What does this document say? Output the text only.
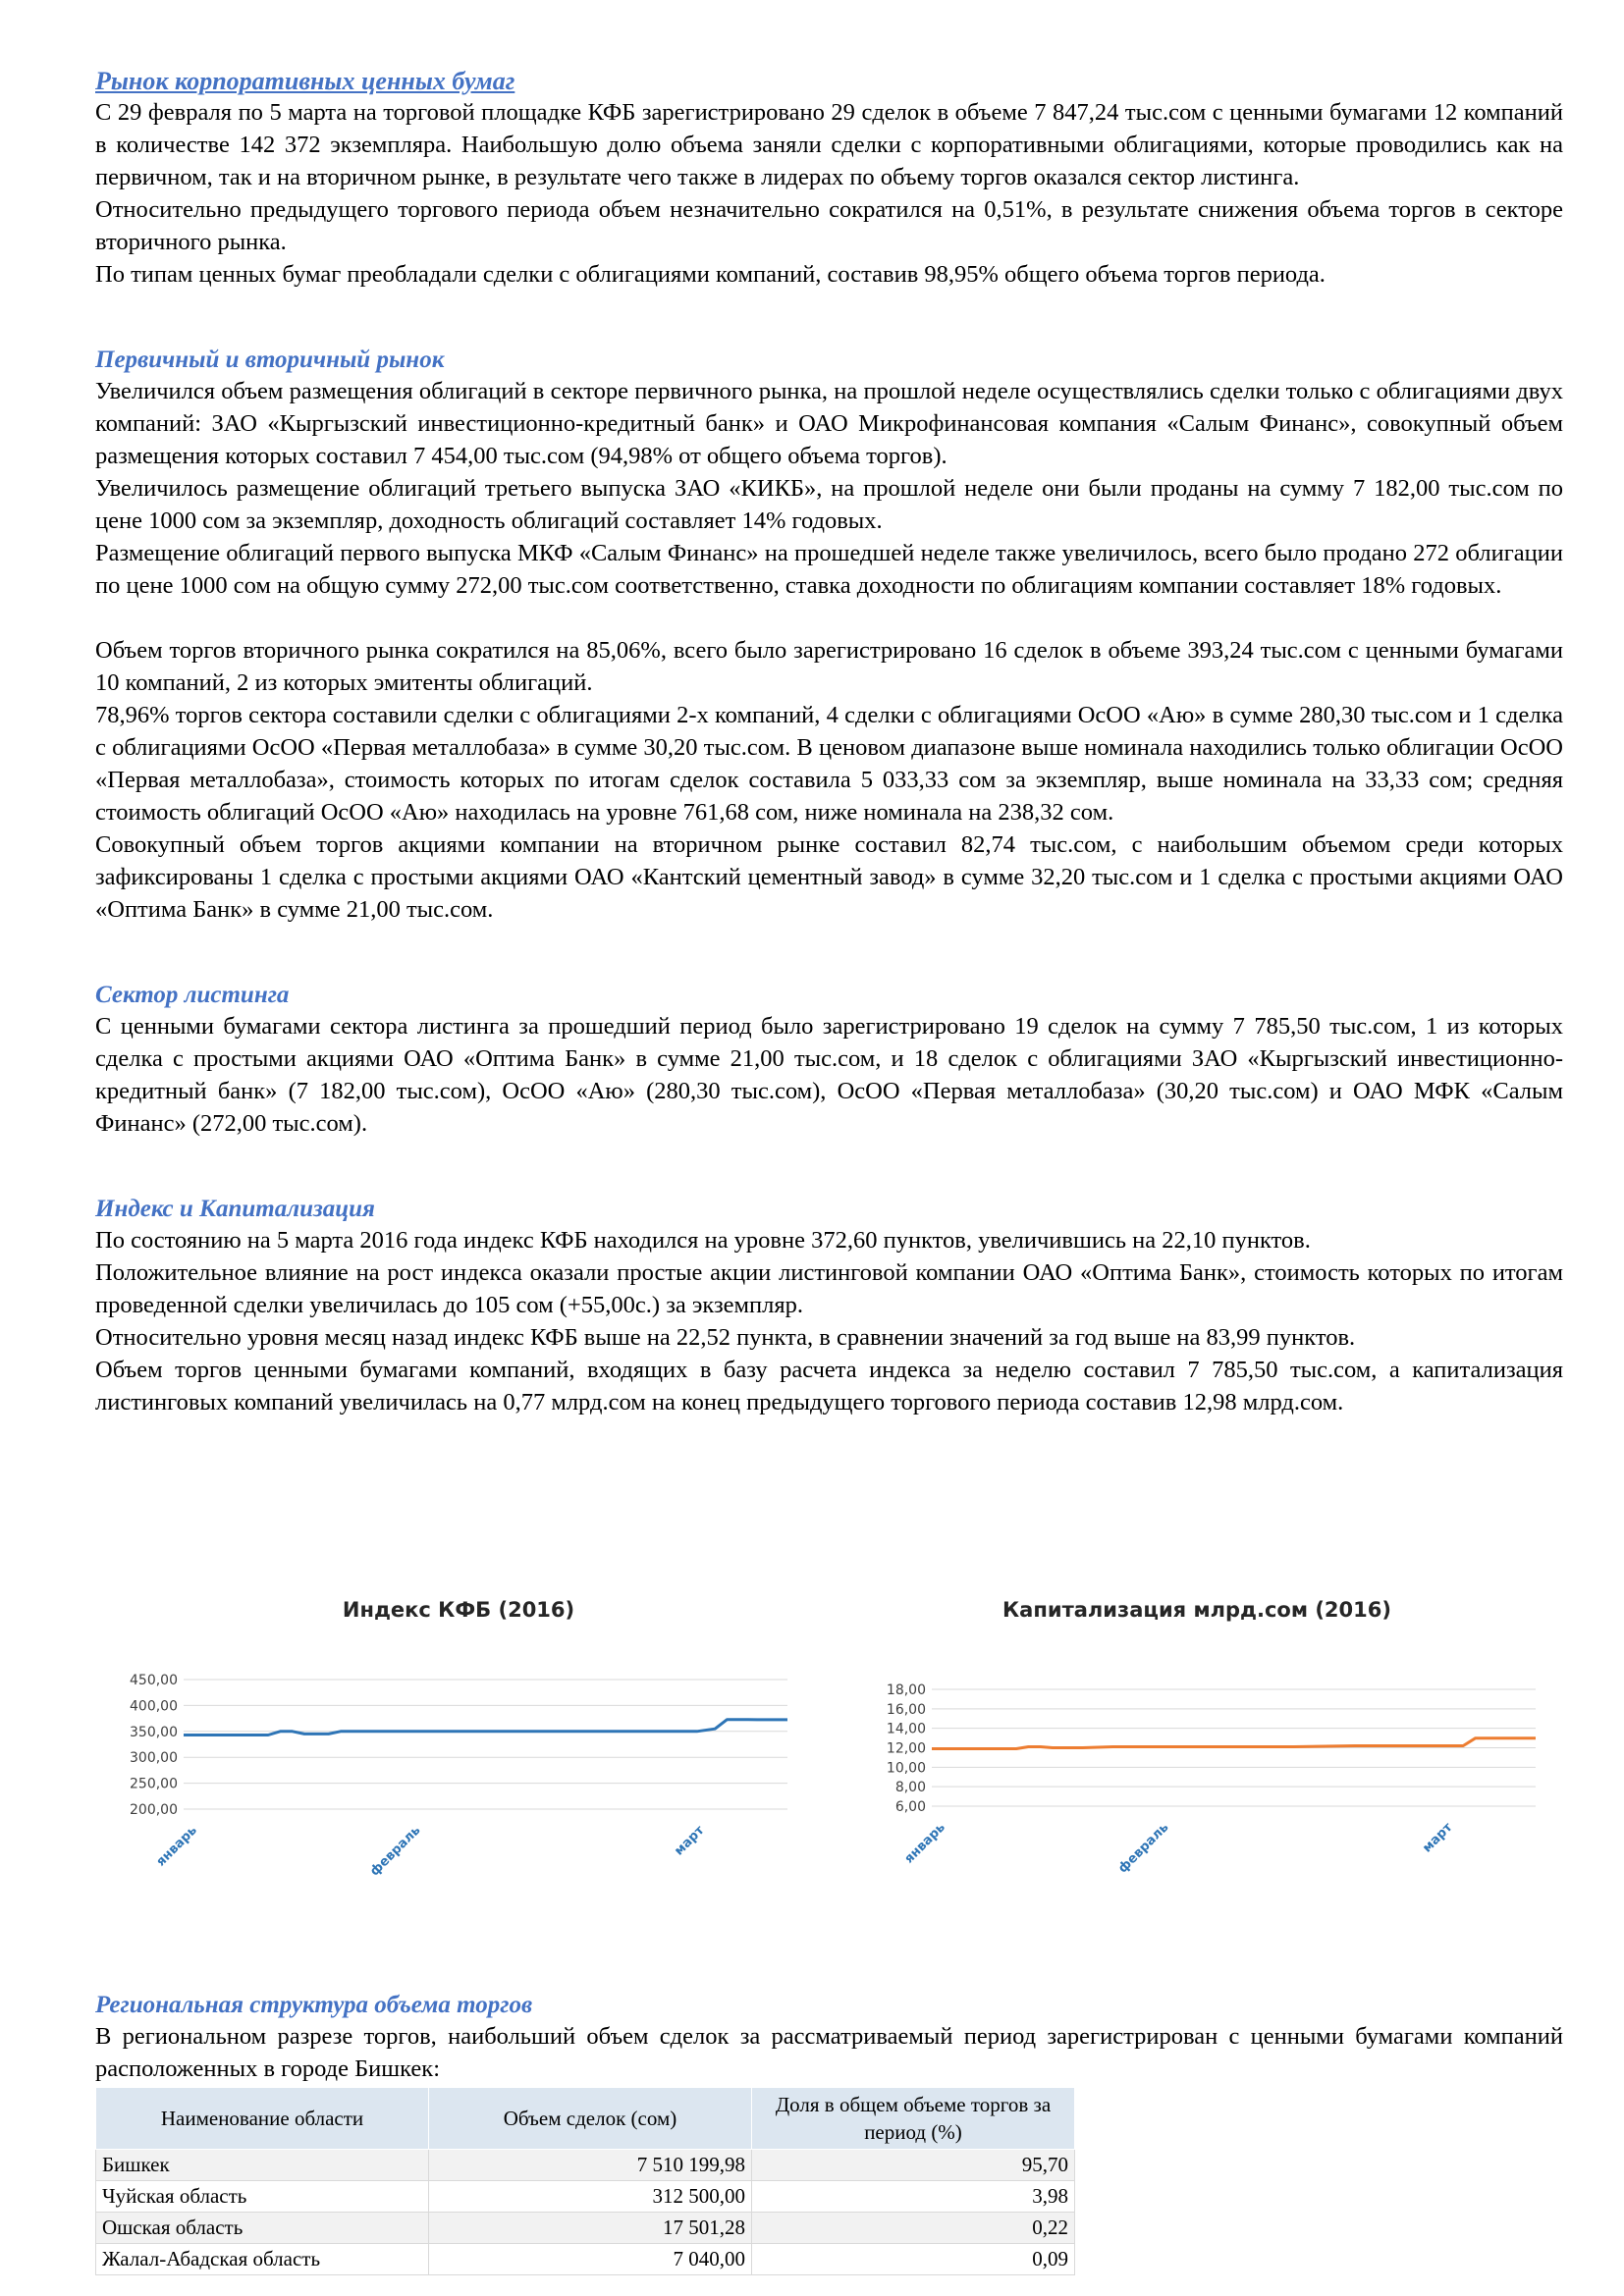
Рынок корпоративных ценных бумаг

С 29 февраля по 5 марта на торговой площадке КФБ зарегистрировано 29 сделок в объеме 7 847,24 тыс.сом с ценными бумагами 12 компаний в количестве 142 372 экземпляра. Наибольшую долю объема заняли сделки с корпоративными облигациями, которые проводились как на первичном, так и на вторичном рынке, в результате чего также в лидерах по объему торгов оказался сектор листинга.

Относительно предыдущего торгового периода объем незначительно сократился на 0,51%, в результате снижения объема торгов в секторе вторичного рынка.

По типам ценных бумаг преобладали сделки с облигациями компаний, составив 98,95% общего объема торгов периода.

Первичный и вторичный рынок

Увеличился объем размещения облигаций в секторе первичного рынка, на прошлой неделе осуществлялись сделки только с облигациями двух компаний: ЗАО «Кыргызский инвестиционно-кредитный банк» и ОАО Микрофинансовая компания «Салым Финанс», совокупный объем размещения которых составил 7 454,00 тыс.сом (94,98% от общего объема торгов).

Увеличилось размещение облигаций третьего выпуска ЗАО «КИКБ», на прошлой неделе они были проданы на сумму 7 182,00 тыс.сом по цене 1000 сом за экземпляр, доходность облигаций составляет 14% годовых.

Размещение облигаций первого выпуска МКФ «Салым Финанс» на прошедшей неделе также увеличилось, всего было продано 272 облигации по цене 1000 сом на общую сумму 272,00 тыс.сом соответственно, ставка доходности по облигациям компании составляет 18% годовых.

Объем торгов вторичного рынка сократился на 85,06%, всего было зарегистрировано 16 сделок в объеме 393,24 тыс.сом с ценными бумагами 10 компаний, 2 из которых эмитенты облигаций.

78,96% торгов сектора составили сделки с облигациями 2-х компаний, 4 сделки с облигациями ОсОО «Аю» в сумме 280,30 тыс.сом и 1 сделка с облигациями ОсОО «Первая металлобаза» в сумме 30,20 тыс.сом. В ценовом диапазоне выше номинала находились только облигации ОсОО «Первая металлобаза», стоимость которых по итогам сделок составила 5 033,33 сом за экземпляр, выше номинала на 33,33 сом; средняя стоимость облигаций ОсОО «Аю» находилась на уровне 761,68 сом, ниже номинала на 238,32 сом.

Совокупный объем торгов акциями компании на вторичном рынке составил 82,74 тыс.сом, с наибольшим объемом среди которых зафиксированы 1 сделка с простыми акциями ОАО «Кантский цементный завод» в сумме 32,20 тыс.сом и 1 сделка с простыми акциями ОАО «Оптима Банк» в сумме 21,00 тыс.сом.

Сектор листинга

С ценными бумагами сектора листинга за прошедший период было зарегистрировано 19 сделок на сумму 7 785,50 тыс.сом, 1 из которых сделка с простыми акциями ОАО «Оптима Банк» в сумме 21,00 тыс.сом, и 18 сделок с облигациями ЗАО «Кыргызский инвестиционно-кредитный банк» (7 182,00 тыс.сом), ОсОО «Аю» (280,30 тыс.сом), ОсОО «Первая металлобаза» (30,20 тыс.сом) и ОАО МФК «Салым Финанс» (272,00 тыс.сом).

Индекс и Капитализация

По состоянию на 5 марта 2016 года индекс КФБ находился на уровне 372,60 пунктов, увеличившись на 22,10 пунктов.

Положительное влияние на рост индекса оказали простые акции листинговой компании ОАО «Оптима Банк», стоимость которых по итогам проведенной сделки увеличилась до 105 сом (+55,00с.) за экземпляр.

Относительно уровня месяц назад индекс КФБ выше на 22,52 пункта, в сравнении значений за год выше на 83,99 пунктов.

Объем торгов ценными бумагами компаний, входящих в базу расчета индекса за неделю составил 7 785,50 тыс.сом, а капитализация листинговых компаний увеличилась на 0,77 млрд.сом на конец предыдущего торгового периода составив 12,98 млрд.сом.

Индекс КФБ (2016)
450,00
400,00
350,00
300,00
250,00
200,00
январь	февраль	март
Капитализация млрд.сом (2016)
18,00
16,00
14,00
12,00
10,00
8,00
6,00
январь	февраль	март
Региональная структура объема торгов

В региональном разрезе торгов, наибольший объем сделок за рассматриваемый период зарегистрирован с ценными бумагами компаний расположенных в городе Бишкек:

Наименование области	Объем сделок (сом)	Доля в общем объеме торгов за период (%)
Бишкек	7 510 199,98	95,70
Чуйская область	312 500,00	3,98
Ошская область	17 501,28	0,22
Жалал-Абадская область	7 040,00	0,09
